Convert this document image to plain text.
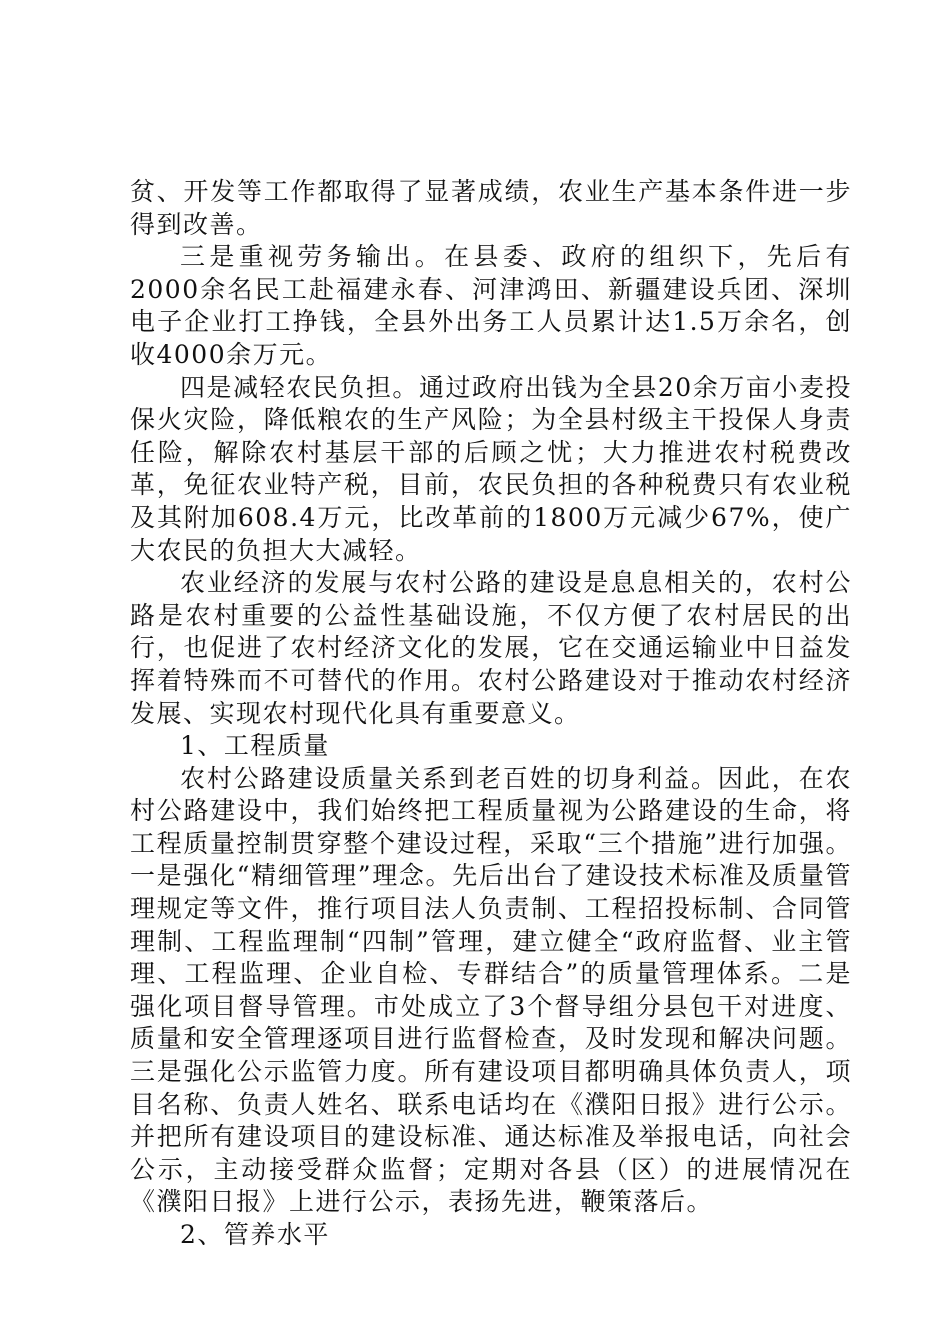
贫、开发等工作都取得了显著成绩，农业生产基本条件进一步得到改善。

三是重视劳务输出。在县委、政府的组织下，先后有2000余名民工赴福建永春、河津鸿田、新疆建设兵团、深圳电子企业打工挣钱，全县外出务工人员累计达1.5万余名，创收4000余万元。

四是减轻农民负担。通过政府出钱为全县20余万亩小麦投保火灾险，降低粮农的生产风险；为全县村级主干投保人身责任险，解除农村基层干部的后顾之忧；大力推进农村税费改革，免征农业特产税，目前，农民负担的各种税费只有农业税及其附加608.4万元，比改革前的1800万元减少67%，使广大农民的负担大大减轻。

农业经济的发展与农村公路的建设是息息相关的，农村公路是农村重要的公益性基础设施，不仅方便了农村居民的出行，也促进了农村经济文化的发展，它在交通运输业中日益发挥着特殊而不可替代的作用。农村公路建设对于推动农村经济发展、实现农村现代化具有重要意义。

1、工程质量

农村公路建设质量关系到老百姓的切身利益。因此，在农村公路建设中，我们始终把工程质量视为公路建设的生命，将工程质量控制贯穿整个建设过程，采取“三个措施”进行加强。一是强化“精细管理”理念。先后出台了建设技术标准及质量管理规定等文件，推行项目法人负责制、工程招投标制、合同管理制、工程监理制“四制”管理，建立健全“政府监督、业主管理、工程监理、企业自检、专群结合”的质量管理体系。二是强化项目督导管理。市处成立了3个督导组分县包干对进度、质量和安全管理逐项目进行监督检查，及时发现和解决问题。三是强化公示监管力度。所有建设项目都明确具体负责人，项目名称、负责人姓名、联系电话均在《濮阳日报》进行公示。并把所有建设项目的建设标准、通达标准及举报电话，向社会公示，主动接受群众监督；定期对各县（区）的进展情况在《濮阳日报》上进行公示，表扬先进，鞭策落后。

2、管养水平
